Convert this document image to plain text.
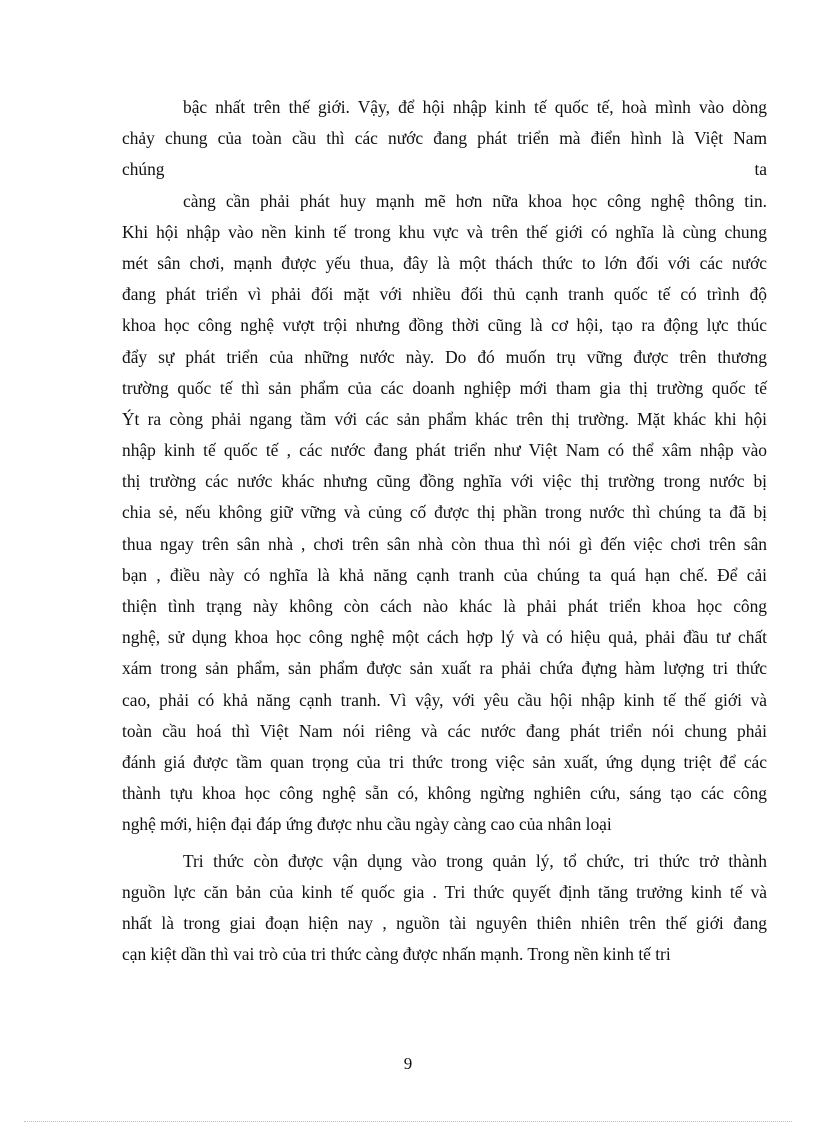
bậc nhất trên thế giới. Vậy, để hội nhập kinh tế quốc tế, hoà mình vào dòng
chảy chung của toàn cầu thì các nước đang phát triển mà điển hình là Việt Nam
chúng	ta
càng cần phải phát huy mạnh mẽ hơn nữa khoa học công nghệ thông tin.
Khi hội nhập vào nền kinh tế trong khu vực và trên thế giới có nghĩa là cùng chung
mét sân chơi, mạnh được yếu thua, đây là một thách thức to lớn đối với các nước
đang phát triển vì phải đối mặt với nhiều đối thủ cạnh tranh quốc tế có trình độ
khoa học công nghệ vượt trội nhưng đồng thời cũng là cơ hội, tạo ra động lực thúc
đẩy sự phát triển của những nước này. Do đó muốn trụ vững được trên thương
trường quốc tế thì sản phẩm của các doanh nghiệp mới tham gia thị trường quốc tế
Ýt ra còng phải ngang tầm với các sản phẩm khác trên thị trường. Mặt khác khi hội
nhập kinh tế quốc tế , các nước đang phát triển như Việt Nam có thể xâm nhập vào
thị trường các nước khác nhưng cũng đồng nghĩa với việc thị trường trong nước bị
chia sẻ, nếu không giữ vững và củng cố được thị phần trong nước thì chúng ta đã bị
thua ngay trên sân nhà , chơi trên sân nhà còn thua thì nói gì đến việc chơi trên sân
bạn , điều này có nghĩa là khả năng cạnh tranh của chúng ta quá hạn chế. Để cải
thiện tình trạng này không còn cách nào khác là phải phát triển khoa học công
nghệ, sử dụng khoa học công nghệ một cách hợp lý và có hiệu quả, phải đầu tư chất
xám trong sản phẩm, sản phẩm được sản xuất ra phải chứa đựng hàm lượng tri thức
cao, phải có khả năng cạnh tranh. Vì vậy, với yêu cầu hội nhập kinh tế thế giới và
toàn cầu hoá thì Việt Nam nói riêng và các nước đang phát triển nói chung phải
đánh giá được tầm quan trọng của tri thức trong việc sản xuất, ứng dụng triệt để các
thành tựu khoa học công nghệ sẵn có, không ngừng nghiên cứu, sáng tạo các công
nghệ mới, hiện đại đáp ứng được nhu cầu ngày càng cao của nhân loại
Tri thức còn được vận dụng vào trong quản lý, tổ chức, tri thức trở thành
nguồn lực căn bản của kinh tế quốc gia . Tri thức quyết định tăng trưởng kinh tế và
nhất là trong giai đoạn hiện nay , nguồn tài nguyên thiên nhiên trên thế giới đang
cạn kiệt dần thì vai trò của tri thức càng được nhấn mạnh. Trong nền kinh tế tri
9
